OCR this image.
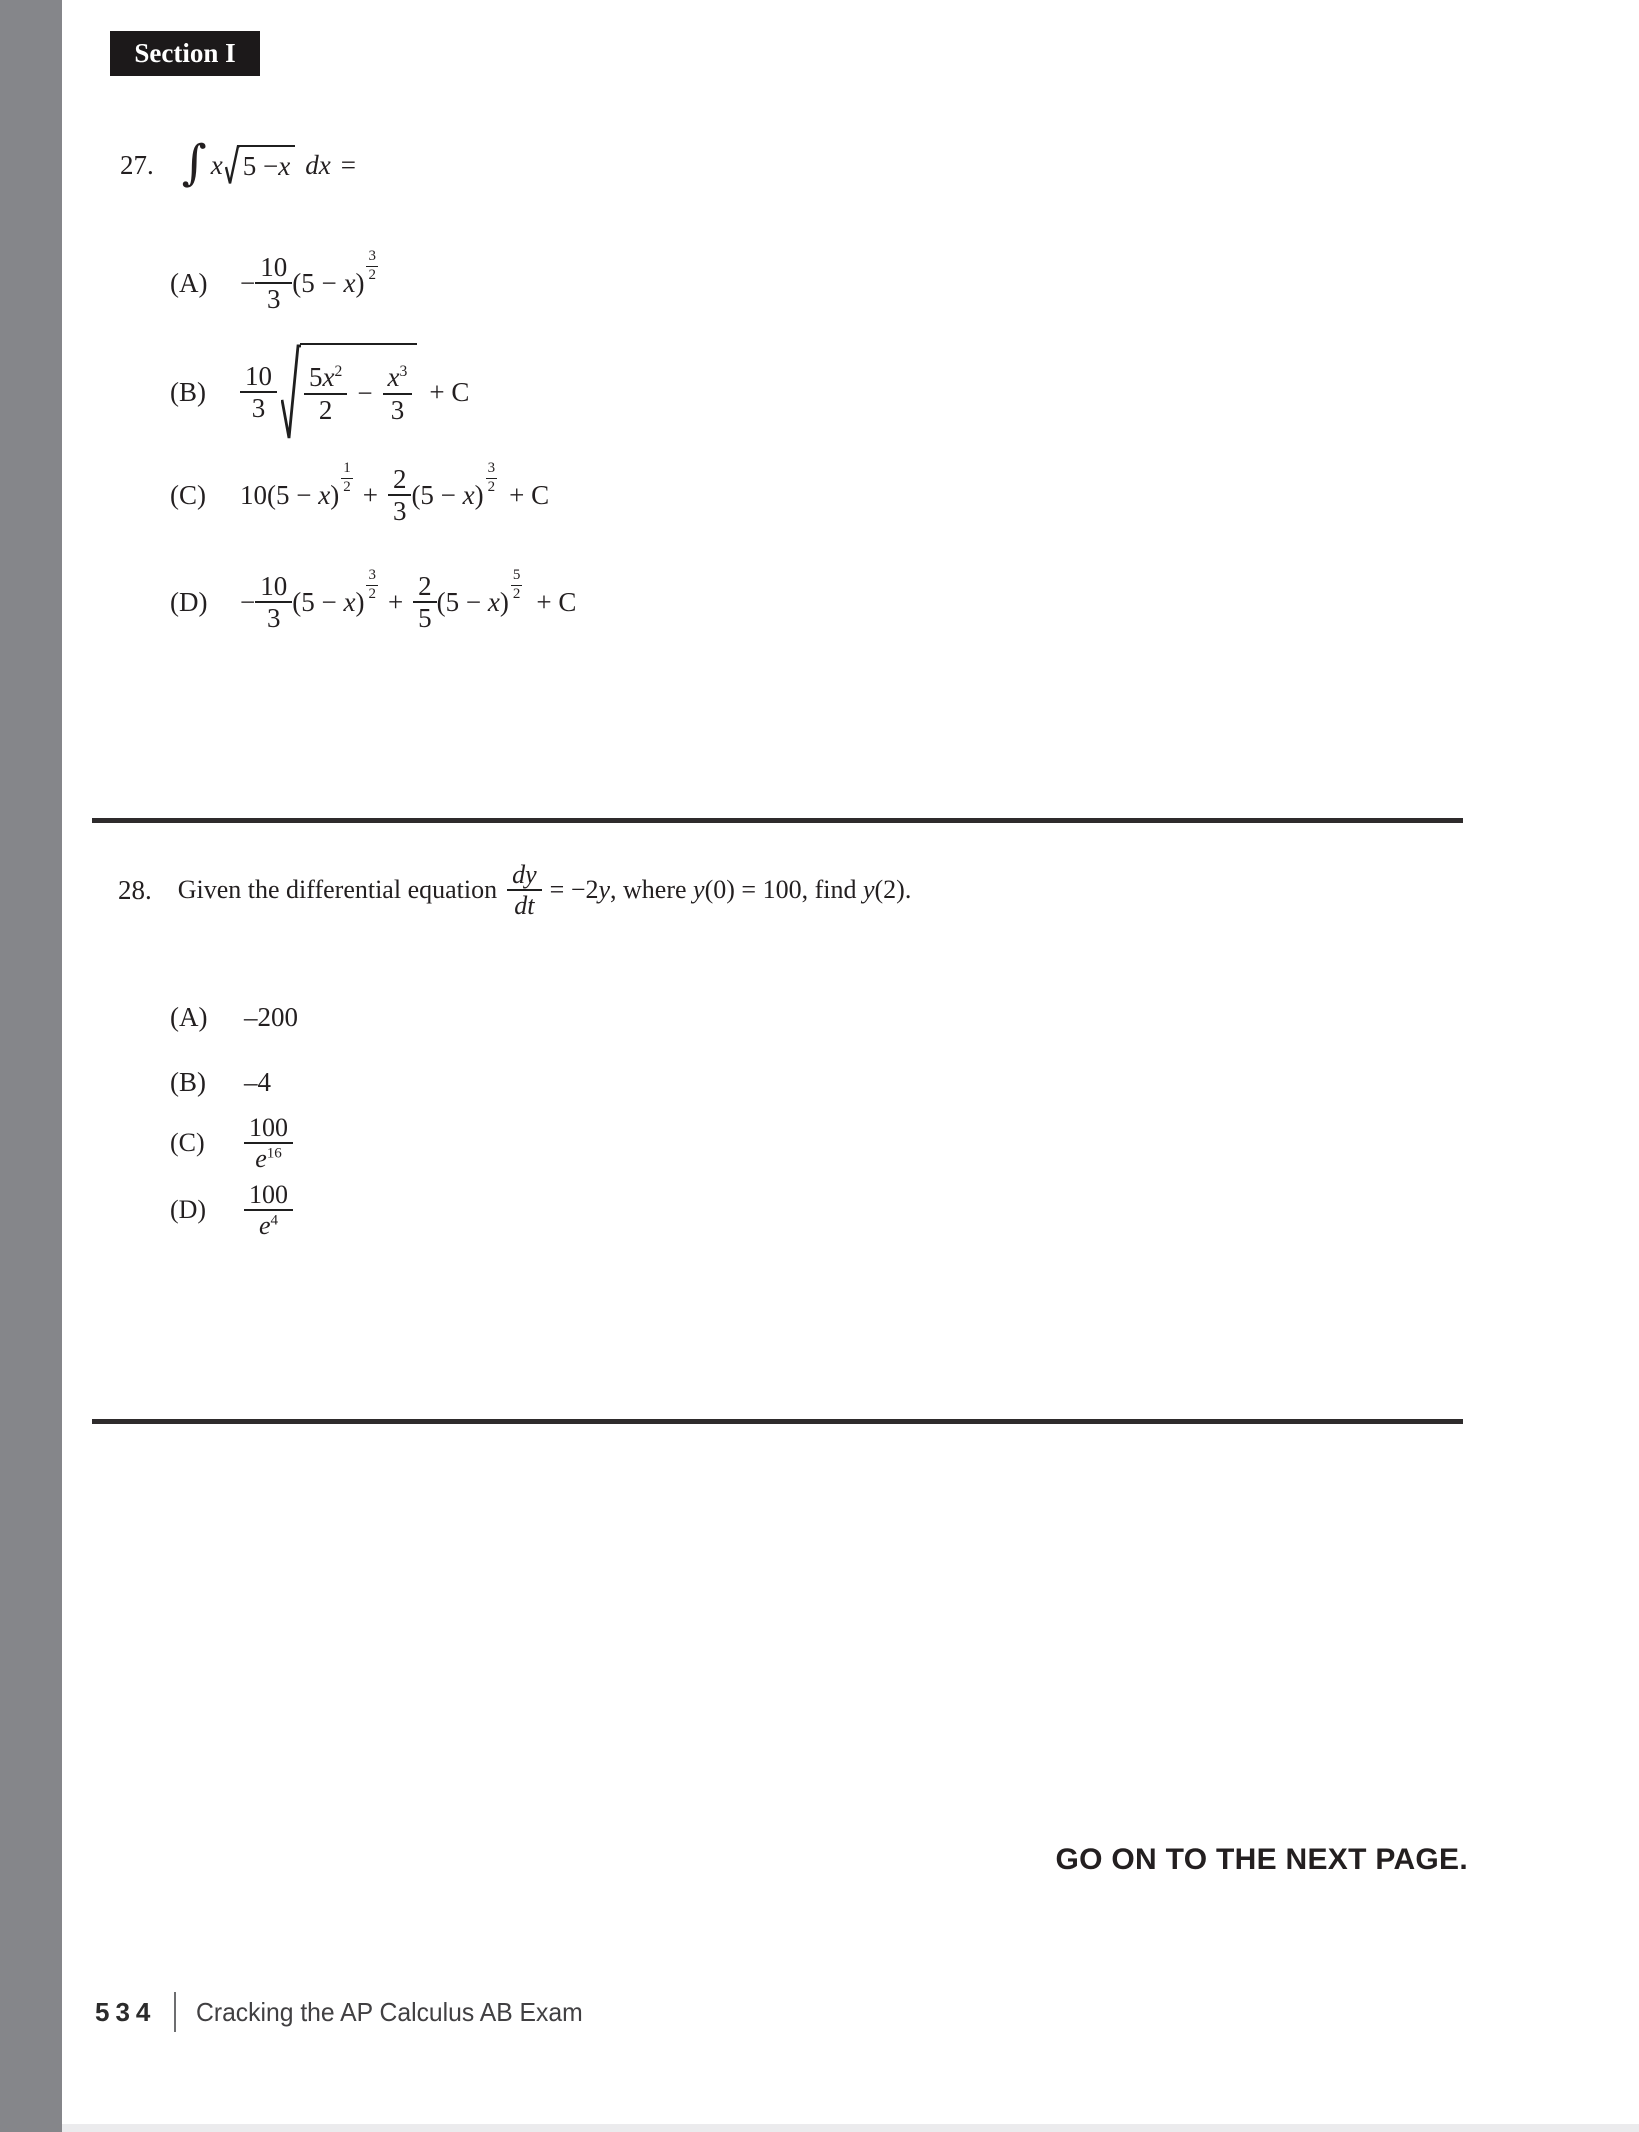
Section I
27. ∫ x 5 − x dx =
(A)	− $\frac{10}{3} (5 - x) \frac{3}{2}$
(B)	$\frac{10}{3} \frac{5x^2}{2} - \frac{x^3}{3} + C$
(C)	10 $(5 - x) \frac{1}{2} + \frac{2}{3} (5 - x) \frac{3}{2} + C$
(D)	− $\frac{10}{3} (5 - x) \frac{3}{2} + \frac{2}{5} (5 - x) \frac{5}{2} + C$
28. Given the differential equation $\frac{dy}{dt} = -2y$, where y(0) = 100, find y(2).
(A)	–200
(B)	–4
(C)	$\frac{100}{e^{16}}$
(D)	$\frac{100}{e^4}$
GO ON TO THE NEXT PAGE.
534 Cracking the AP Calculus AB Exam
